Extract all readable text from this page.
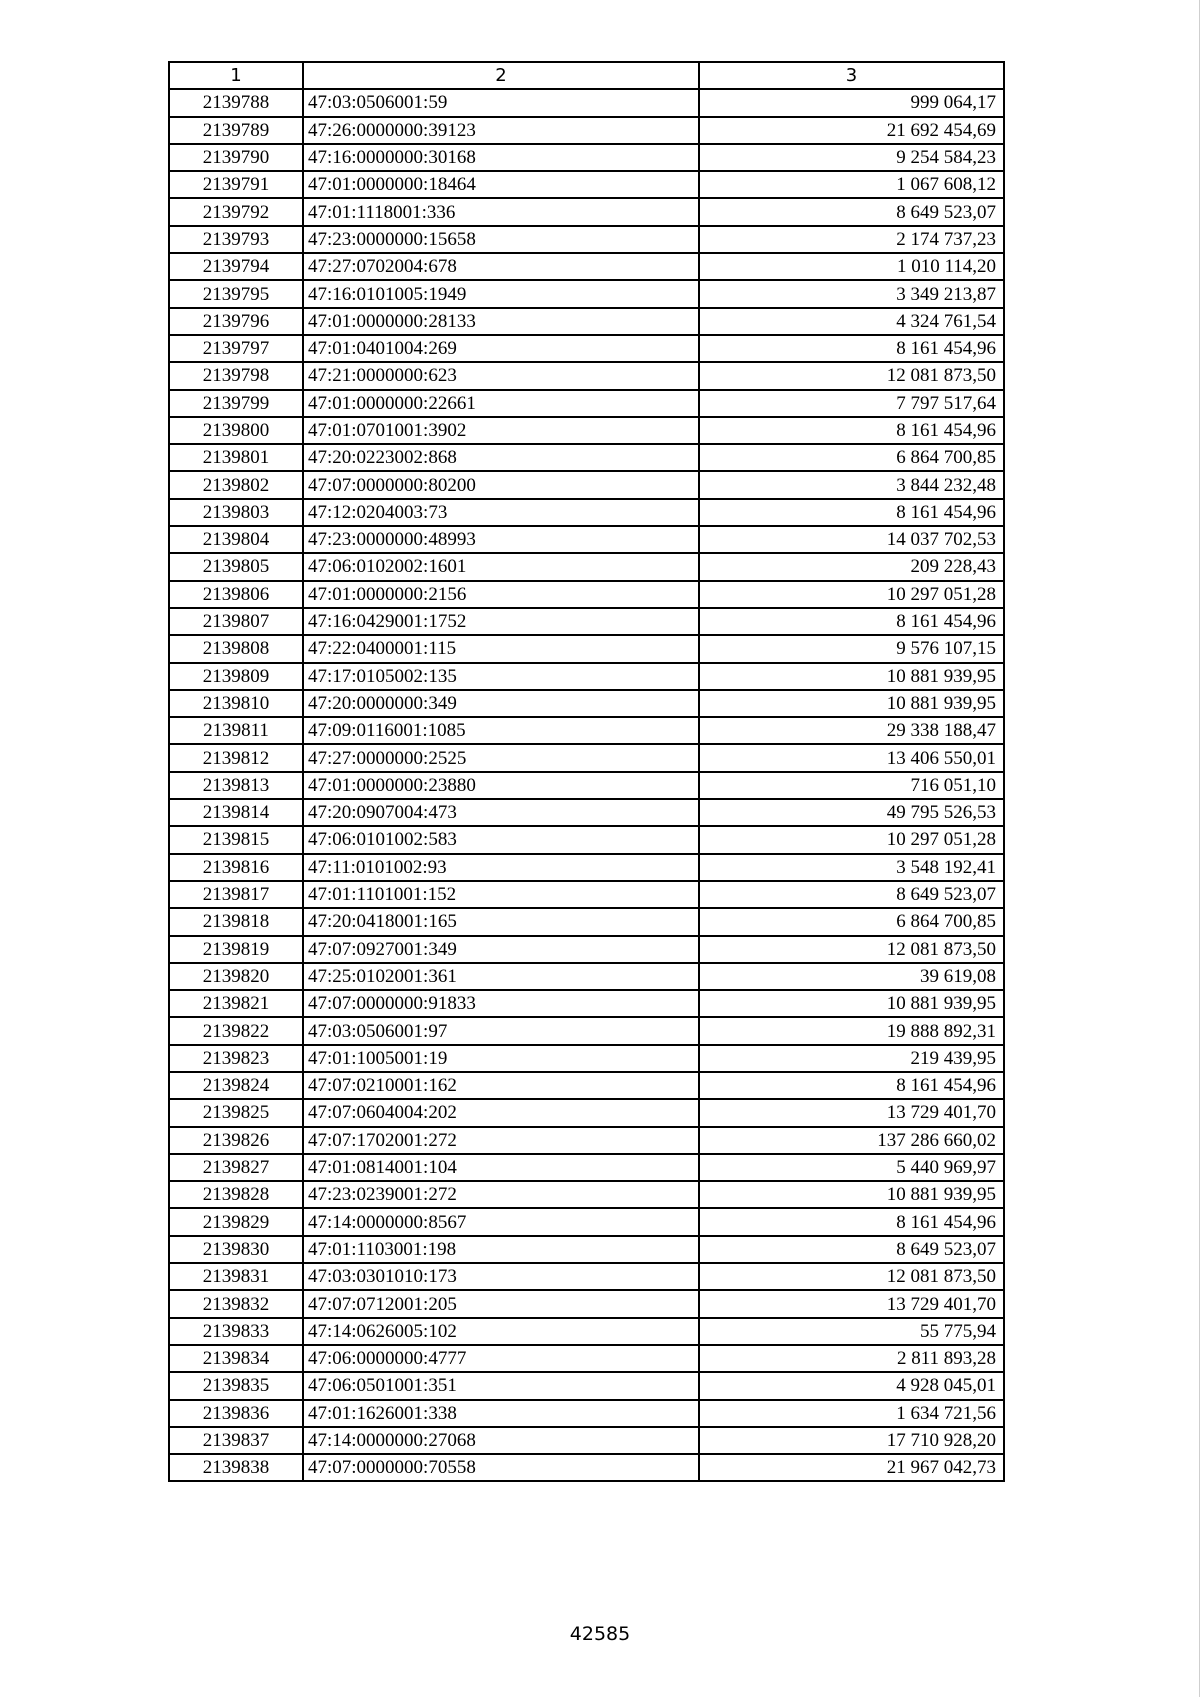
1	2	3
2139788	47:03:0506001:59	999 064,17
2139789	47:26:0000000:39123	21 692 454,69
2139790	47:16:0000000:30168	9 254 584,23
2139791	47:01:0000000:18464	1 067 608,12
2139792	47:01:1118001:336	8 649 523,07
2139793	47:23:0000000:15658	2 174 737,23
2139794	47:27:0702004:678	1 010 114,20
2139795	47:16:0101005:1949	3 349 213,87
2139796	47:01:0000000:28133	4 324 761,54
2139797	47:01:0401004:269	8 161 454,96
2139798	47:21:0000000:623	12 081 873,50
2139799	47:01:0000000:22661	7 797 517,64
2139800	47:01:0701001:3902	8 161 454,96
2139801	47:20:0223002:868	6 864 700,85
2139802	47:07:0000000:80200	3 844 232,48
2139803	47:12:0204003:73	8 161 454,96
2139804	47:23:0000000:48993	14 037 702,53
2139805	47:06:0102002:1601	209 228,43
2139806	47:01:0000000:2156	10 297 051,28
2139807	47:16:0429001:1752	8 161 454,96
2139808	47:22:0400001:115	9 576 107,15
2139809	47:17:0105002:135	10 881 939,95
2139810	47:20:0000000:349	10 881 939,95
2139811	47:09:0116001:1085	29 338 188,47
2139812	47:27:0000000:2525	13 406 550,01
2139813	47:01:0000000:23880	716 051,10
2139814	47:20:0907004:473	49 795 526,53
2139815	47:06:0101002:583	10 297 051,28
2139816	47:11:0101002:93	3 548 192,41
2139817	47:01:1101001:152	8 649 523,07
2139818	47:20:0418001:165	6 864 700,85
2139819	47:07:0927001:349	12 081 873,50
2139820	47:25:0102001:361	39 619,08
2139821	47:07:0000000:91833	10 881 939,95
2139822	47:03:0506001:97	19 888 892,31
2139823	47:01:1005001:19	219 439,95
2139824	47:07:0210001:162	8 161 454,96
2139825	47:07:0604004:202	13 729 401,70
2139826	47:07:1702001:272	137 286 660,02
2139827	47:01:0814001:104	5 440 969,97
2139828	47:23:0239001:272	10 881 939,95
2139829	47:14:0000000:8567	8 161 454,96
2139830	47:01:1103001:198	8 649 523,07
2139831	47:03:0301010:173	12 081 873,50
2139832	47:07:0712001:205	13 729 401,70
2139833	47:14:0626005:102	55 775,94
2139834	47:06:0000000:4777	2 811 893,28
2139835	47:06:0501001:351	4 928 045,01
2139836	47:01:1626001:338	1 634 721,56
2139837	47:14:0000000:27068	17 710 928,20
2139838	47:07:0000000:70558	21 967 042,73
42585
